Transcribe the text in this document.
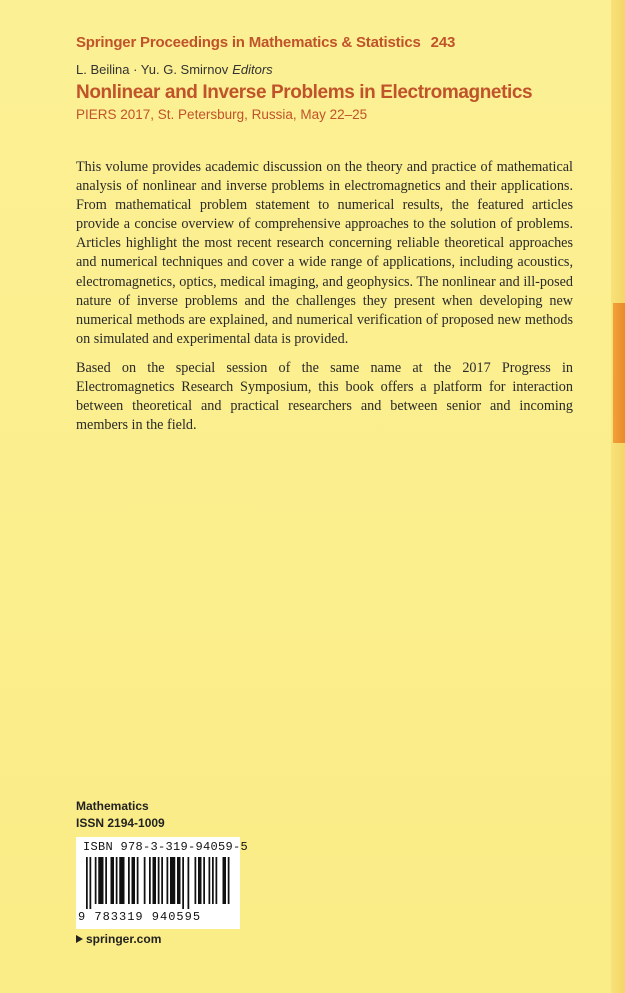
Springer Proceedings in Mathematics & Statistics 243
L. Beilina · Yu. G. Smirnov Editors
Nonlinear and Inverse Problems in Electromagnetics
PIERS 2017, St. Petersburg, Russia, May 22–25

This volume provides academic discussion on the theory and practice of mathematical analysis of nonlinear and inverse problems in electromagnetics and their applications. From mathematical problem statement to numerical results, the featured articles provide a concise overview of comprehensive approaches to the solution of problems. Articles highlight the most recent research concerning reliable theoretical approaches and numerical techniques and cover a wide range of applications, including acoustics, electromagnetics, optics, medical imaging, and geophysics. The nonlinear and ill-posed nature of inverse problems and the challenges they present when developing new numerical methods are explained, and numerical verification of proposed new methods on simulated and experimental data is provided.

Based on the special session of the same name at the 2017 Progress in Electromagnetics Research Symposium, this book offers a platform for interaction between theoretical and practical researchers and between senior and incoming members in the field.

Mathematics
ISSN 2194-1009
ISBN 978-3-319-94059-5
9 783319 940595
springer.com
